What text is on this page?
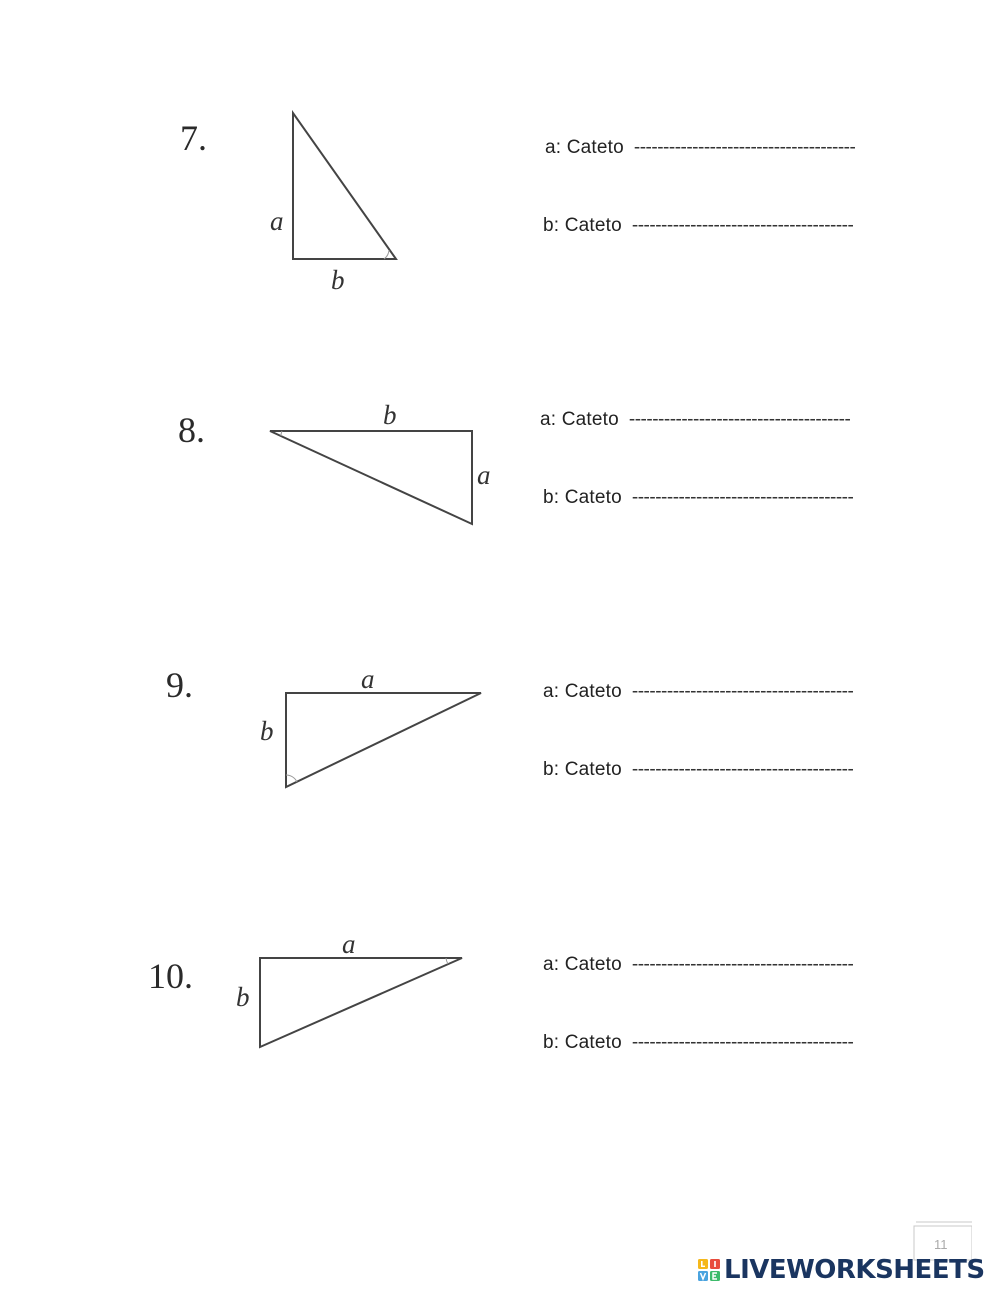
7.
a
b
a: Cateto --------------------------------------
b: Cateto --------------------------------------
8.	b
a
a: Cateto --------------------------------------
b: Cateto --------------------------------------
9.	a
b
a: Cateto --------------------------------------
b: Cateto --------------------------------------
10.
a
b
a: Cateto --------------------------------------
b: Cateto --------------------------------------
11
LIVEWORKSHEETS
